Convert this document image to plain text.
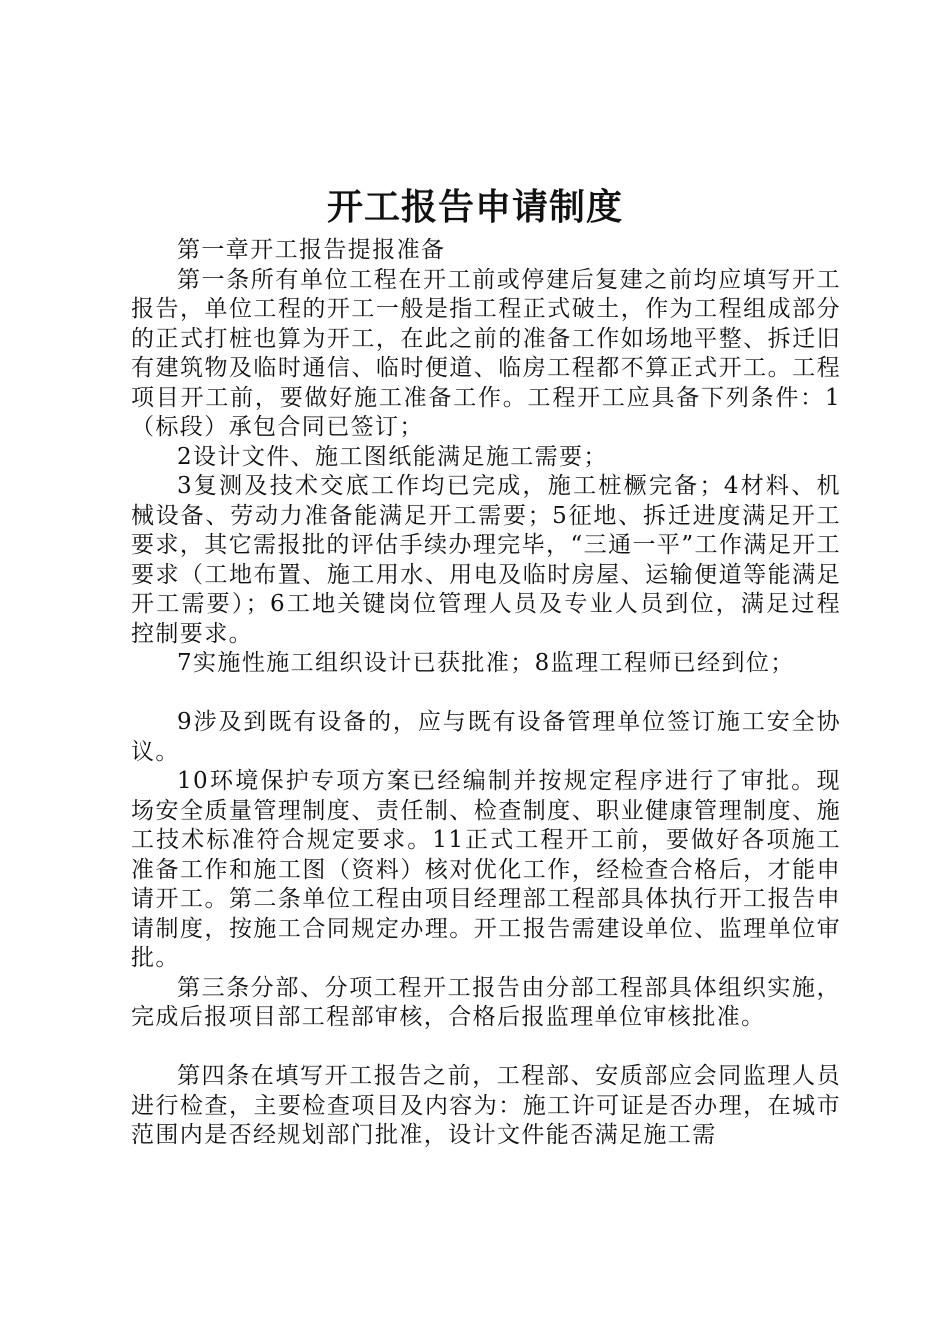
开工报告申请制度

第一章开工报告提报准备

第一条所有单位工程在开工前或停建后复建之前均应填写开工报告，单位工程的开工一般是指工程正式破土，作为工程组成部分的正式打桩也算为开工，在此之前的准备工作如场地平整、拆迁旧有建筑物及临时通信、临时便道、临房工程都不算正式开工。工程项目开工前，要做好施工准备工作。工程开工应具备下列条件：1（标段）承包合同已签订；

2设计文件、施工图纸能满足施工需要；

3复测及技术交底工作均已完成，施工桩橛完备；4材料、机械设备、劳动力准备能满足开工需要；5征地、拆迁进度满足开工要求，其它需报批的评估手续办理完毕，“三通一平”工作满足开工要求（工地布置、施工用水、用电及临时房屋、运输便道等能满足开工需要）；6工地关键岗位管理人员及专业人员到位，满足过程控制要求。

7实施性施工组织设计已获批准；8监理工程师已经到位；

9涉及到既有设备的，应与既有设备管理单位签订施工安全协议。

10环境保护专项方案已经编制并按规定程序进行了审批。现场安全质量管理制度、责任制、检查制度、职业健康管理制度、施工技术标准符合规定要求。11正式工程开工前，要做好各项施工准备工作和施工图（资料）核对优化工作，经检查合格后，才能申请开工。第二条单位工程由项目经理部工程部具体执行开工报告申请制度，按施工合同规定办理。开工报告需建设单位、监理单位审批。

第三条分部、分项工程开工报告由分部工程部具体组织实施，完成后报项目部工程部审核，合格后报监理单位审核批准。

第四条在填写开工报告之前，工程部、安质部应会同监理人员进行检查，主要检查项目及内容为：施工许可证是否办理，在城市范围内是否经规划部门批准，设计文件能否满足施工需
